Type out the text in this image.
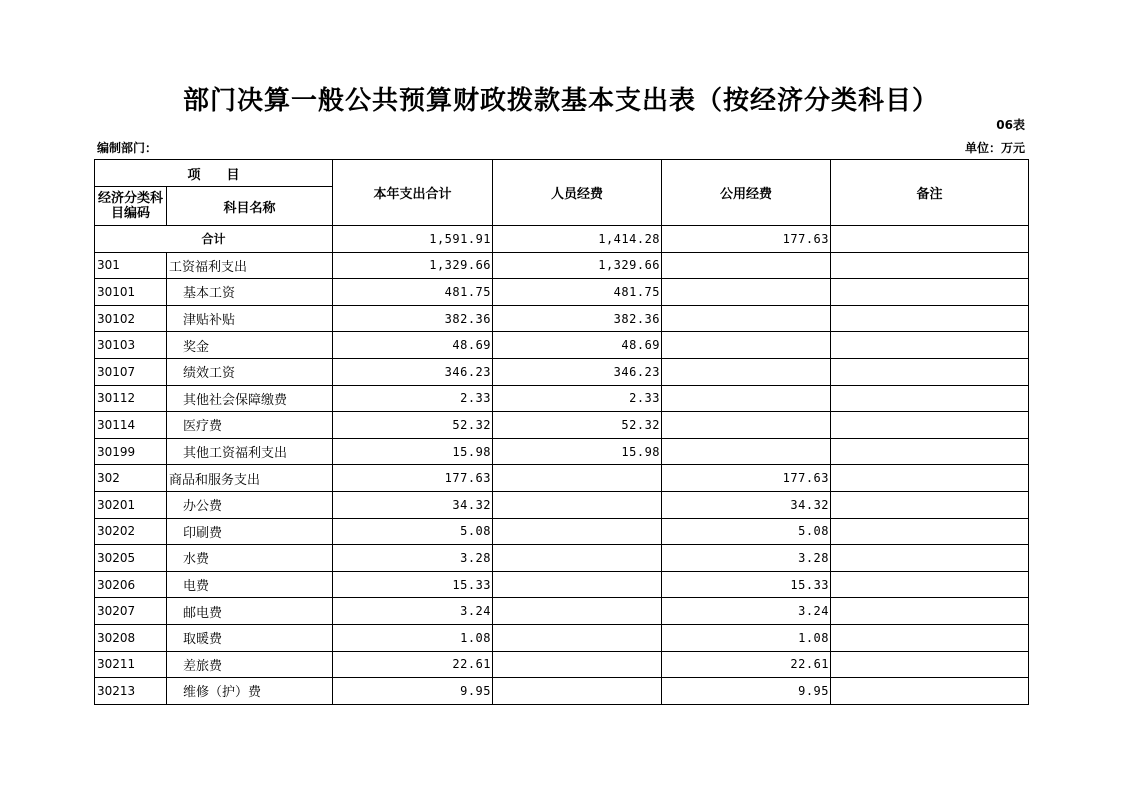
部门决算一般公共预算财政拨款基本支出表（按经济分类科目）
06表
编制部门：	单位：万元
项　　目		本年支出合计	人员经费	公用经费	备注
经济分类科目编码	科目名称				
合计		1,591.91	1,414.28	177.63	
301	工资福利支出	1,329.66	1,329.66		
30101	基本工资	481.75	481.75		
30102	津贴补贴	382.36	382.36		
30103	奖金	48.69	48.69		
30107	绩效工资	346.23	346.23		
30112	其他社会保障缴费	2.33	2.33		
30114	医疗费	52.32	52.32		
30199	其他工资福利支出	15.98	15.98		
302	商品和服务支出	177.63		177.63	
30201	办公费	34.32		34.32	
30202	印刷费	5.08		5.08	
30205	水费	3.28		3.28	
30206	电费	15.33		15.33	
30207	邮电费	3.24		3.24	
30208	取暖费	1.08		1.08	
30211	差旅费	22.61		22.61	
30213	维修（护）费	9.95		9.95	
